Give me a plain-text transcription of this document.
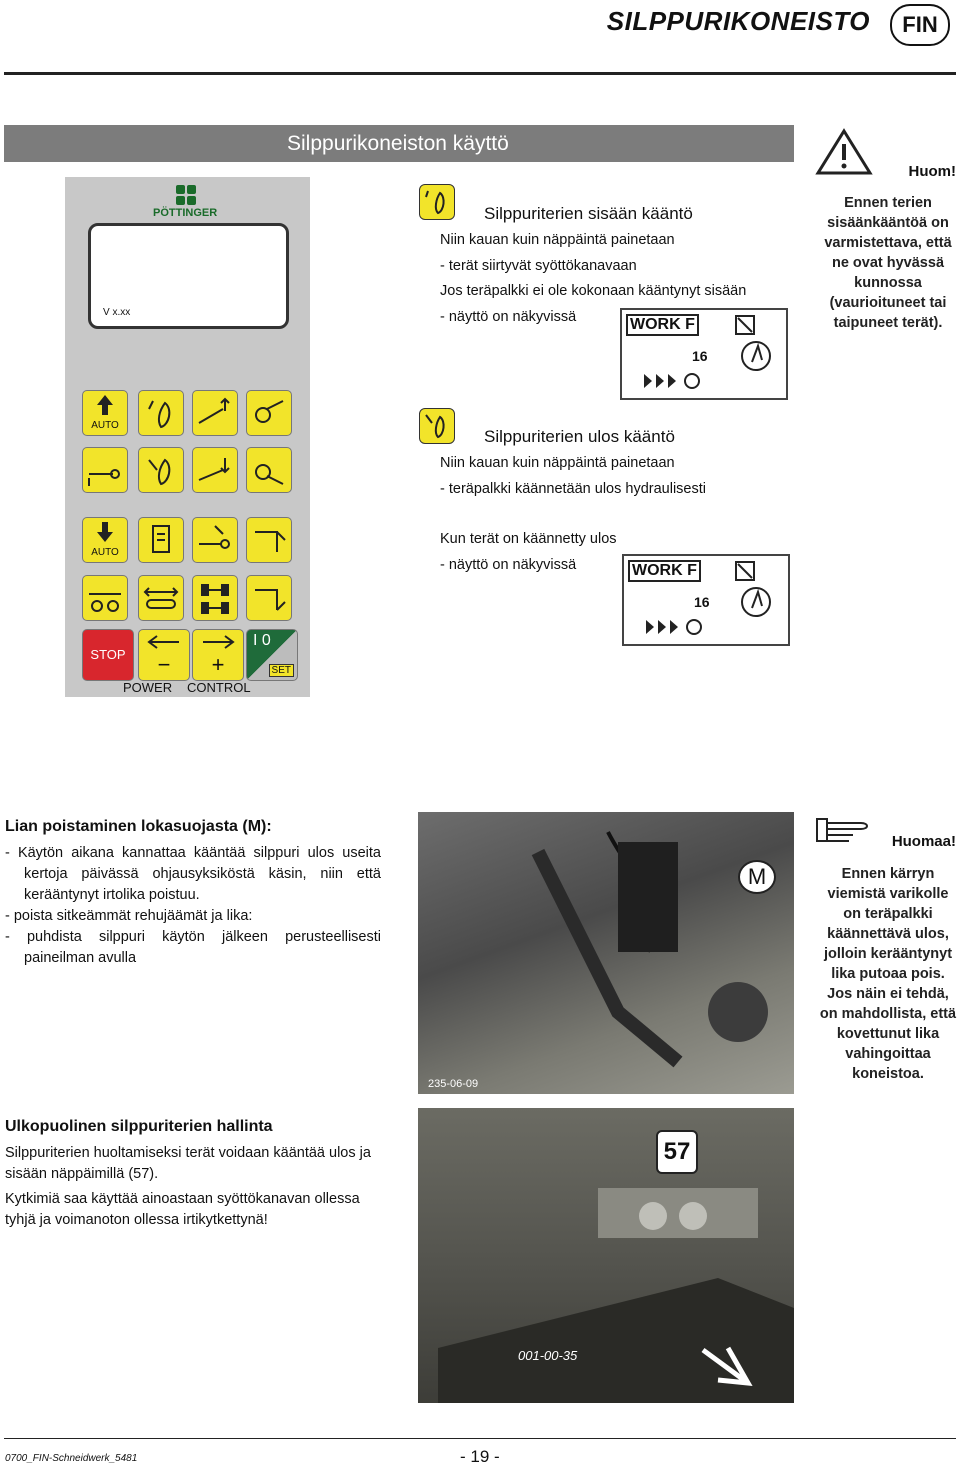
SILPPURIKONEISTO	FIN
Silppurikoneiston käyttö
PÖTTINGER
V x.xx
AUTO
AUTO
STOP	−	+
I 0
SET
POWER CONTROL
Silppuriterien sisään kääntö
Niin kauan kuin näppäintä painetaan
- terät siirtyvät syöttökanavaan
Jos teräpalkki ei ole kokonaan kääntynyt sisään
- näyttö on näkyvissä	WORK F
16
Huom!
Ennen terien sisäänkääntöä on varmistettava, että ne ovat hyvässä kunnossa (vaurioituneet tai taipuneet terät).
Silppuriterien ulos kääntö
Niin kauan kuin näppäintä painetaan
- teräpalkki käännetään ulos hydraulisesti
Kun terät on käännetty ulos
- näyttö on näkyvissä	WORK F
16
Lian poistaminen lokasuojasta (M):
- Käytön aikana kannattaa kääntää silppuri ulos useita kertoja päivässä ohjausyksiköstä käsin, niin että kerääntynyt irtolika poistuu.
- poista sitkeämmät rehujäämät ja lika:
- puhdista silppuri käytön jälkeen perusteellisesti paineilman avulla
M
235-06-09
Huomaa!
Ennen kärryn viemistä varikolle on teräpalkki käännettävä ulos, jolloin kerääntynyt lika putoaa pois. Jos näin ei tehdä, on mahdollista, että kovettunut lika vahingoittaa koneistoa.
Ulkopuolinen silppuriterien hallinta
Silppuriterien huoltamiseksi terät voidaan kääntää ulos ja sisään näppäimillä (57).
Kytkimiä saa käyttää ainoastaan syöttökanavan ollessa tyhjä ja voimanoton ollessa irtikytkettynä!
57
001-00-35
0700_FIN-Schneidwerk_5481	- 19 -
